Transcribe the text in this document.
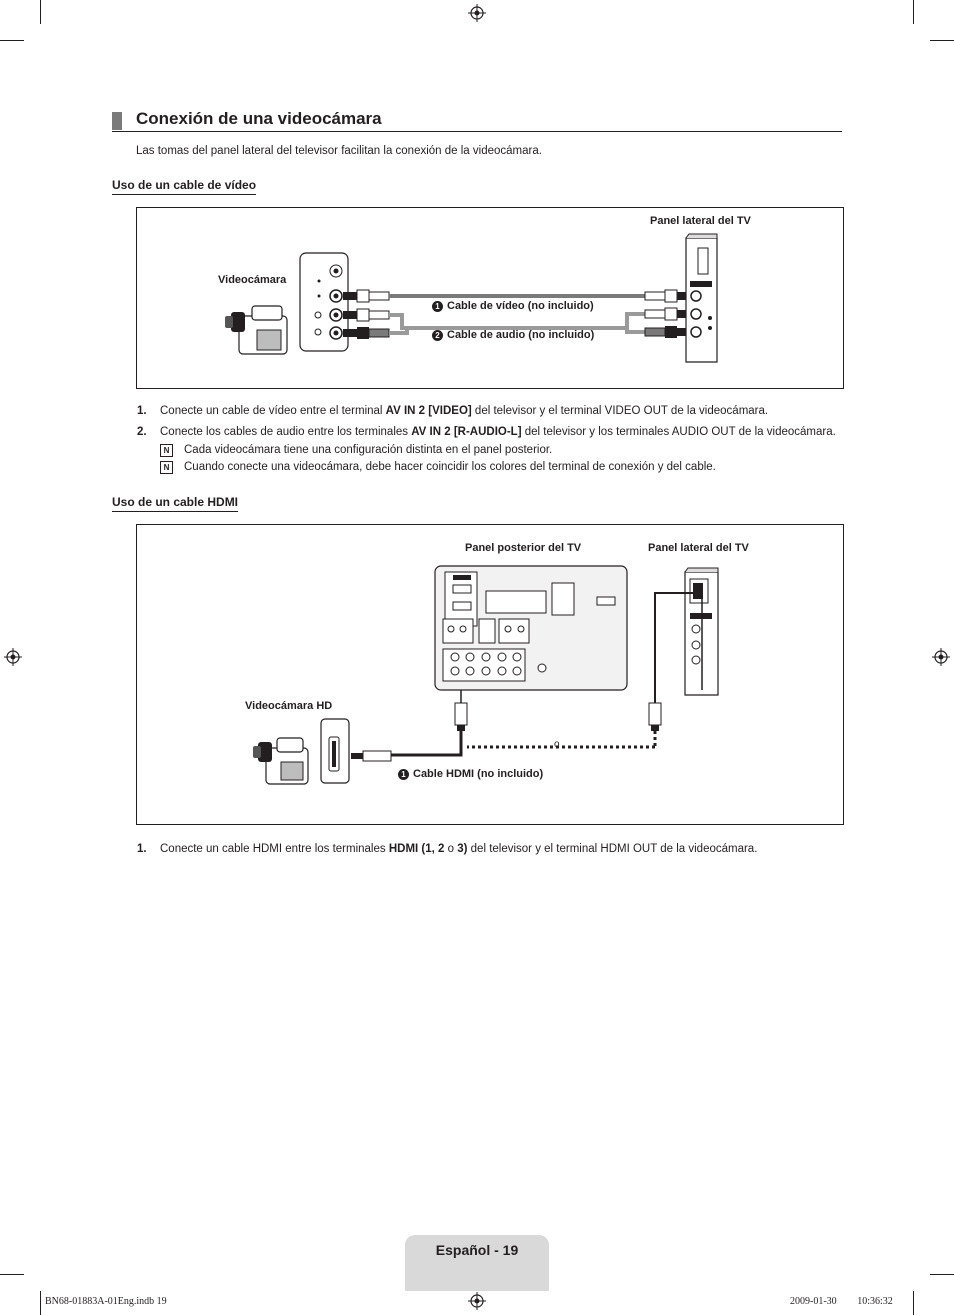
Conexión de una videocámara
Las tomas del panel lateral del televisor facilitan la conexión de la videocámara.
Uso de un cable de vídeo
Panel lateral del TV
Videocámara
1 Cable de vídeo (no incluido)
2 Cable de audio (no incluido)
1. Conecte un cable de vídeo entre el terminal AV IN 2 [VIDEO] del televisor y el terminal VIDEO OUT de la videocámara.
2. Conecte los cables de audio entre los terminales AV IN 2 [R-AUDIO-L] del televisor y los terminales AUDIO OUT de la videocámara.
N	Cada videocámara tiene una configuración distinta en el panel posterior.
N	Cuando conecte una videocámara, debe hacer coincidir los colores del terminal de conexión y del cable.
Uso de un cable HDMI
Panel posterior del TV	Panel lateral del TV
Videocámara HD
1 Cable HDMI (no incluido)
o
1. Conecte un cable HDMI entre los terminales HDMI (1, 2 o 3) del televisor y el terminal HDMI OUT de la videocámara.
Español - 19
BN68-01883A-01Eng.indb 19	2009-01-30 ￿￿ 10:36:32
